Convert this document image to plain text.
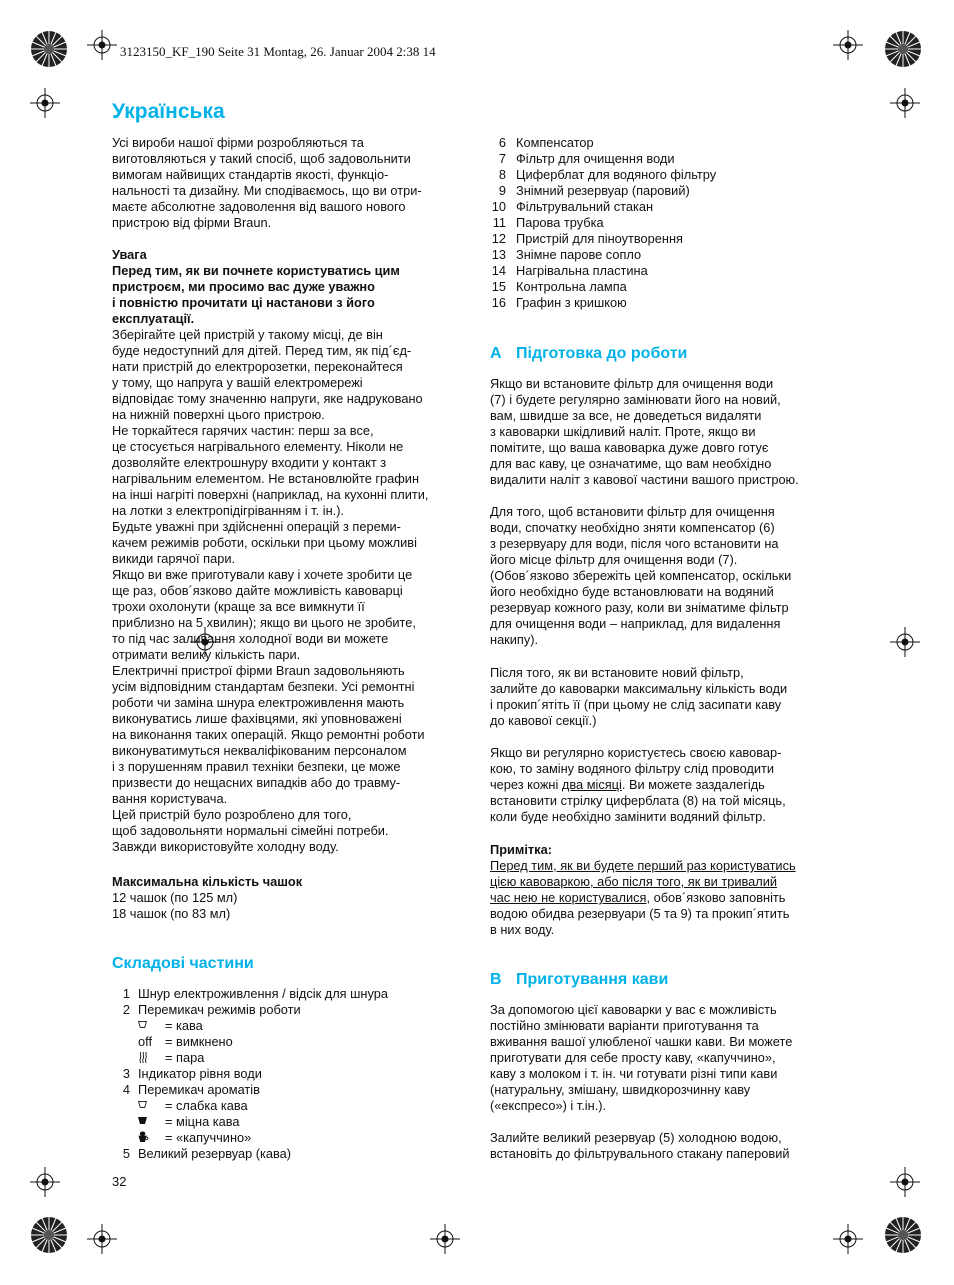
3123150_KF_190 Seite 31 Montag, 26. Januar 2004 2:38 14
Українська
Усі вироби нашої фірми розробляються та
виготовляються у такий спосіб, щоб задовольнити
вимогам найвищих стандартів якості, функціо-
нальності та дизайну. Ми сподіваємось, що ви отри-
маєте абсолютне задоволення від вашого нового
пристрою від фірми Braun.
Увага
Перед тим, як ви почнете користуватись цим
пристроєм, ми просимо вас дуже уважно
і повністю прочитати ці настанови з його
експлуатації.
Зберігайте цей пристрій у такому місці, де він
буде недоступний для дітей. Перед тим, як під´єд-
нати пристрій до електророзетки, переконайтеся
у тому, що напруга у вашій електромережі
відповідає тому значенню напруги, яке надруковано
на нижній поверхні цього пристрою.
Не торкайтеся гарячих частин: перш за все,
це стосується нагрівального елементу. Ніколи не
дозволяйте електрошнуру входити у контакт з
нагрівальним елементом. Не встановлюйте графин
на інші нагріті поверхні (наприклад, на кухонні плити,
на лотки з електропідігріванням і т. ін.).
Будьте уважні при здійсненні операцій з переми-
качем режимів роботи, оскільки при цьому можливі
викиди гарячої пари.
Якщо ви вже приготували каву і хочете зробити це
ще раз, обов´язково дайте можливість кавоварці
трохи охолонути (краще за все вимкнути її
приблизно на 5 хвилин); якщо ви цього не зробите,
то під час заливання холодної води ви можете
отримати велику кількість пари.
Електричні пристрої фірми Braun задовольняють
усім відповідним стандартам безпеки. Усі ремонтні
роботи чи заміна шнура електроживлення мають
виконуватись лише фахівцями, які уповноважені
на виконання таких операцій. Якщо ремонтні роботи
виконуватимуться некваліфікованим персоналом
і з порушенням правил техніки безпеки, це може
призвести до нещасних випадків або до травму-
вання користувача.
Цей пристрій було розроблено для того,
щоб задовольняти нормальні сімейні потреби.
Завжди використовуйте холодну воду.
Максимальна кількість чашок
12 чашок (по 125 мл)
18 чашок (по 83 мл)
Складові частини
1 Шнур електроживлення / відсік для шнура
2 Перемикач режимів роботи
= кава
off	= вимкнено
= пара
3 Індикатор рівня води
4 Перемикач ароматів
= слабка кава
= міцна кава
= «капуччино»
5 Великий резервуар (кава)
6 Компенсатор
7 Фільтр для очищення води
8 Циферблат для водяного фільтру
9 Знімний резервуар (паровий)
10 Фільтрувальний стакан
11 Парова трубка
12 Пристрій для піноутворення
13 Знімне парове сопло
14 Нагрівальна пластина
15 Контрольна лампа
16 Графин з кришкою
A Підготовка до роботи
Якщо ви встановите фільтр для очищення води
(7) і будете регулярно замінювати його на новий,
вам, швидше за все, не доведеться видаляти
з кавоварки шкідливий наліт. Проте, якщо ви
помітите, що ваша кавоварка дуже довго готує
для вас каву, це означатиме, що вам необхідно
видалити наліт з кавової частини вашого пристрою.
Для того, щоб встановити фільтр для очищення
води, спочатку необхідно зняти компенсатор (6)
з резервуару для води, після чого встановити на
його місце фільтр для очищення води (7).
(Обов´язково збережіть цей компенсатор, оскільки
його необхідно буде встановлювати на водяний
резервуар кожного разу, коли ви зніматиме фільтр
для очищення води – наприклад, для видалення
накипу).
Після того, як ви встановите новий фільтр,
залийте до кавоварки максимальну кількість води
і прокип´ятіть її (при цьому не слід засипати каву
до кавової секції.)
Якщо ви регулярно користуєтесь своєю кавовар-
кою, то заміну водяного фільтру слід проводити
через кожні два місяці. Ви можете заздалегідь
встановити стрілку циферблата (8) на той місяць,
коли буде необхідно замінити водяний фільтр.
Примітка:
Перед тим, як ви будете перший раз користуватись
цією кавоваркою, або після того, як ви тривалий
час нею не користувалися, обов´язково заповніть
водою обидва резервуари (5 та 9) та прокип´ятить
в них воду.
B Приготування кави
За допомогою цієї кавоварки у вас є можливість
постійно змінювати варіанти приготування та
вживання вашої улюбленої чашки кави. Ви можете
приготувати для себе просту каву, «капуччино»,
каву з молоком і т. ін. чи готувати різні типи кави
(натуральну, змішану, швидкорозчинну каву
(«експресо») і т.ін.).
Залийте великий резервуар (5) холодною водою,
встановіть до фільтрувального стакану паперовий
32
